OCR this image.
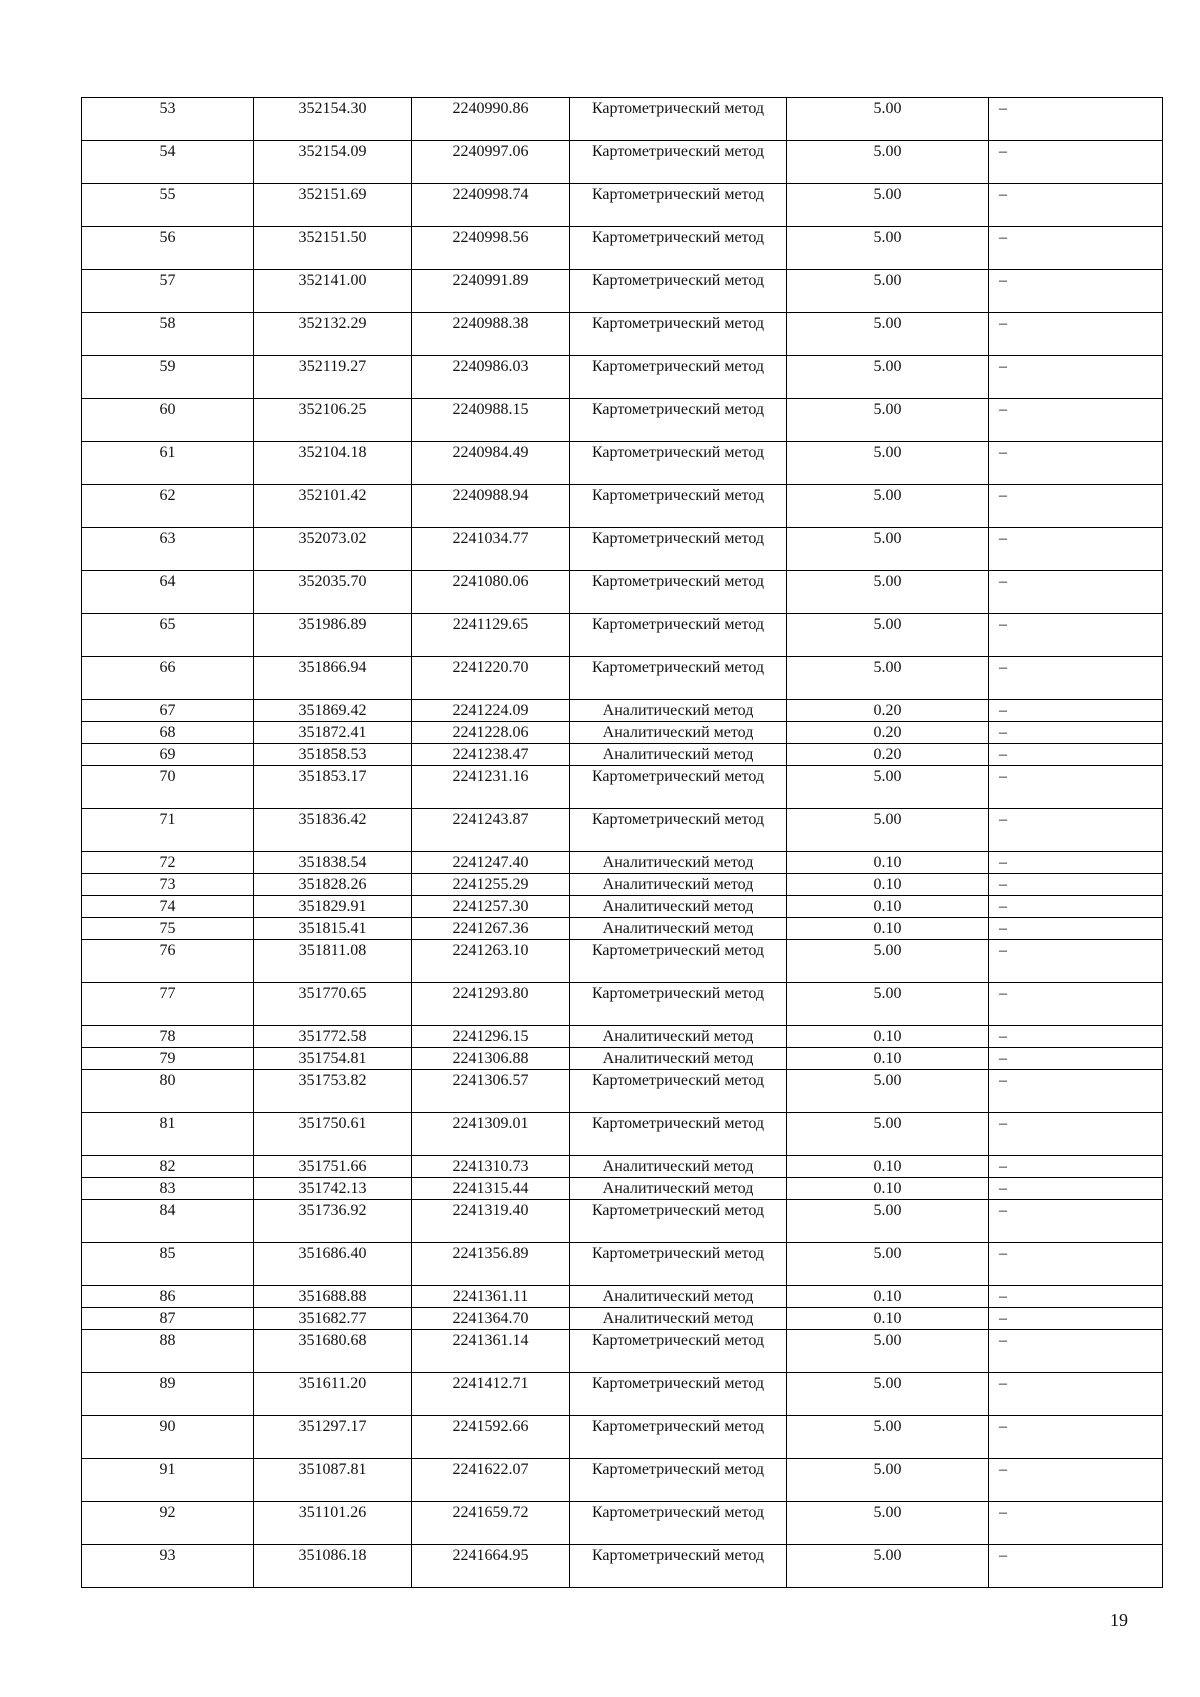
53	352154.30	2240990.86	Картометрический метод	5.00	–
54	352154.09	2240997.06	Картометрический метод	5.00	–
55	352151.69	2240998.74	Картометрический метод	5.00	–
56	352151.50	2240998.56	Картометрический метод	5.00	–
57	352141.00	2240991.89	Картометрический метод	5.00	–
58	352132.29	2240988.38	Картометрический метод	5.00	–
59	352119.27	2240986.03	Картометрический метод	5.00	–
60	352106.25	2240988.15	Картометрический метод	5.00	–
61	352104.18	2240984.49	Картометрический метод	5.00	–
62	352101.42	2240988.94	Картометрический метод	5.00	–
63	352073.02	2241034.77	Картометрический метод	5.00	–
64	352035.70	2241080.06	Картометрический метод	5.00	–
65	351986.89	2241129.65	Картометрический метод	5.00	–
66	351866.94	2241220.70	Картометрический метод	5.00	–
67	351869.42	2241224.09	Аналитический метод	0.20	–
68	351872.41	2241228.06	Аналитический метод	0.20	–
69	351858.53	2241238.47	Аналитический метод	0.20	–
70	351853.17	2241231.16	Картометрический метод	5.00	–
71	351836.42	2241243.87	Картометрический метод	5.00	–
72	351838.54	2241247.40	Аналитический метод	0.10	–
73	351828.26	2241255.29	Аналитический метод	0.10	–
74	351829.91	2241257.30	Аналитический метод	0.10	–
75	351815.41	2241267.36	Аналитический метод	0.10	–
76	351811.08	2241263.10	Картометрический метод	5.00	–
77	351770.65	2241293.80	Картометрический метод	5.00	–
78	351772.58	2241296.15	Аналитический метод	0.10	–
79	351754.81	2241306.88	Аналитический метод	0.10	–
80	351753.82	2241306.57	Картометрический метод	5.00	–
81	351750.61	2241309.01	Картометрический метод	5.00	–
82	351751.66	2241310.73	Аналитический метод	0.10	–
83	351742.13	2241315.44	Аналитический метод	0.10	–
84	351736.92	2241319.40	Картометрический метод	5.00	–
85	351686.40	2241356.89	Картометрический метод	5.00	–
86	351688.88	2241361.11	Аналитический метод	0.10	–
87	351682.77	2241364.70	Аналитический метод	0.10	–
88	351680.68	2241361.14	Картометрический метод	5.00	–
89	351611.20	2241412.71	Картометрический метод	5.00	–
90	351297.17	2241592.66	Картометрический метод	5.00	–
91	351087.81	2241622.07	Картометрический метод	5.00	–
92	351101.26	2241659.72	Картометрический метод	5.00	–
93	351086.18	2241664.95	Картометрический метод	5.00	–
19
